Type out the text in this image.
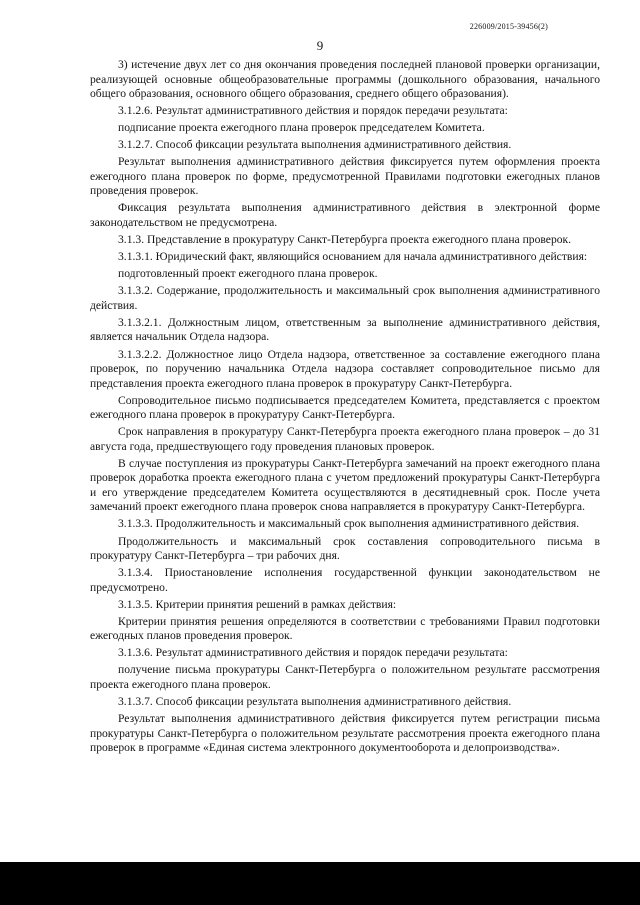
226009/2015-39456(2)
9

3) истечение двух лет со дня окончания проведения последней плановой проверки организации, реализующей основные общеобразовательные программы (дошкольного образования, начального общего образования, основного общего образования, среднего общего образования).

3.1.2.6. Результат административного действия и порядок передачи результата:

подписание проекта ежегодного плана проверок председателем Комитета.

3.1.2.7. Способ фиксации результата выполнения административного действия.

Результат выполнения административного действия фиксируется путем оформления проекта ежегодного плана проверок по форме, предусмотренной Правилами подготовки ежегодных планов проведения проверок.

Фиксация результата выполнения административного действия в электронной форме законодательством не предусмотрена.

3.1.3. Представление в прокуратуру Санкт-Петербурга проекта ежегодного плана проверок.

3.1.3.1. Юридический факт, являющийся основанием для начала административного действия:

подготовленный проект ежегодного плана проверок.

3.1.3.2. Содержание, продолжительность и максимальный срок выполнения административного действия.

3.1.3.2.1. Должностным лицом, ответственным за выполнение административного действия, является начальник Отдела надзора.

3.1.3.2.2. Должностное лицо Отдела надзора, ответственное за составление ежегодного плана проверок, по поручению начальника Отдела надзора составляет сопроводительное письмо для представления проекта ежегодного плана проверок в прокуратуру Санкт-Петербурга.

Сопроводительное письмо подписывается председателем Комитета, представляется с проектом ежегодного плана проверок в прокуратуру Санкт-Петербурга.

Срок направления в прокуратуру Санкт-Петербурга проекта ежегодного плана проверок – до 31 августа года, предшествующего году проведения плановых проверок.

В случае поступления из прокуратуры Санкт-Петербурга замечаний на проект ежегодного плана проверок доработка проекта ежегодного плана с учетом предложений прокуратуры Санкт-Петербурга и его утверждение председателем Комитета осуществляются в десятидневный срок. После учета замечаний проект ежегодного плана проверок снова направляется в прокуратуру Санкт-Петербурга.

3.1.3.3. Продолжительность и максимальный срок выполнения административного действия.

Продолжительность и максимальный срок составления сопроводительного письма в прокуратуру Санкт-Петербурга – три рабочих дня.

3.1.3.4. Приостановление исполнения государственной функции законодательством не предусмотрено.

3.1.3.5. Критерии принятия решений в рамках действия:

Критерии принятия решения определяются в соответствии с требованиями Правил подготовки ежегодных планов проведения проверок.

3.1.3.6. Результат административного действия и порядок передачи результата:

получение письма прокуратуры Санкт-Петербурга о положительном результате рассмотрения проекта ежегодного плана проверок.

3.1.3.7. Способ фиксации результата выполнения административного действия.

Результат выполнения административного действия фиксируется путем регистрации письма прокуратуры Санкт-Петербурга о положительном результате рассмотрения проекта ежегодного плана проверок в программе «Единая система электронного документооборота и делопроизводства».
